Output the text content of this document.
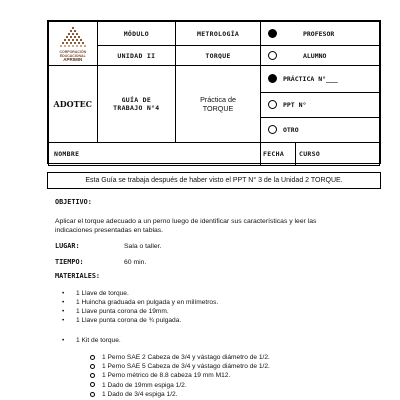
CORPORACIÓN
EDUCACIONAL
APRIMIN
	MÓDULO	METROLOGÍA	PROFESOR

UNIDAD II	TORQUE	ALUMNO

ADOTEC	GUÍA DE TRABAJO N°4	Práctica de TORQUE	
PRÁCTICA N°___

PPT N°

OTRO

NOMBRE		FECHA	CURSO
Esta Guía se trabaja después de haber visto el PPT N° 3 de la Unidad 2 TORQUE.
OBJETIVO:
Aplicar el torque adecuado a un perno luego de identificar sus características y leer las indicaciones presentadas en tablas.
LUGAR:	Sala o taller.
TIEMPO:	60 min.
MATERIALES:
•	1 Llave de torque.
•	1 Huincha graduada en pulgada y en milímetros.
•	1 Llave punta corona de 19mm.
•	1 Llave punta corona de ¾ pulgada.
•	1 Kit de torque.
1 Perno SAE 2 Cabeza de 3/4 y vástago diámetro de 1/2.
1 Perno SAE 5 Cabeza de 3/4 y vástago diámetro de 1/2.
1 Perno métrico de 8.8 cabeza 19 mm M12.
1 Dado de 19mm espiga 1/2.
1 Dado de 3/4 espiga 1/2.
